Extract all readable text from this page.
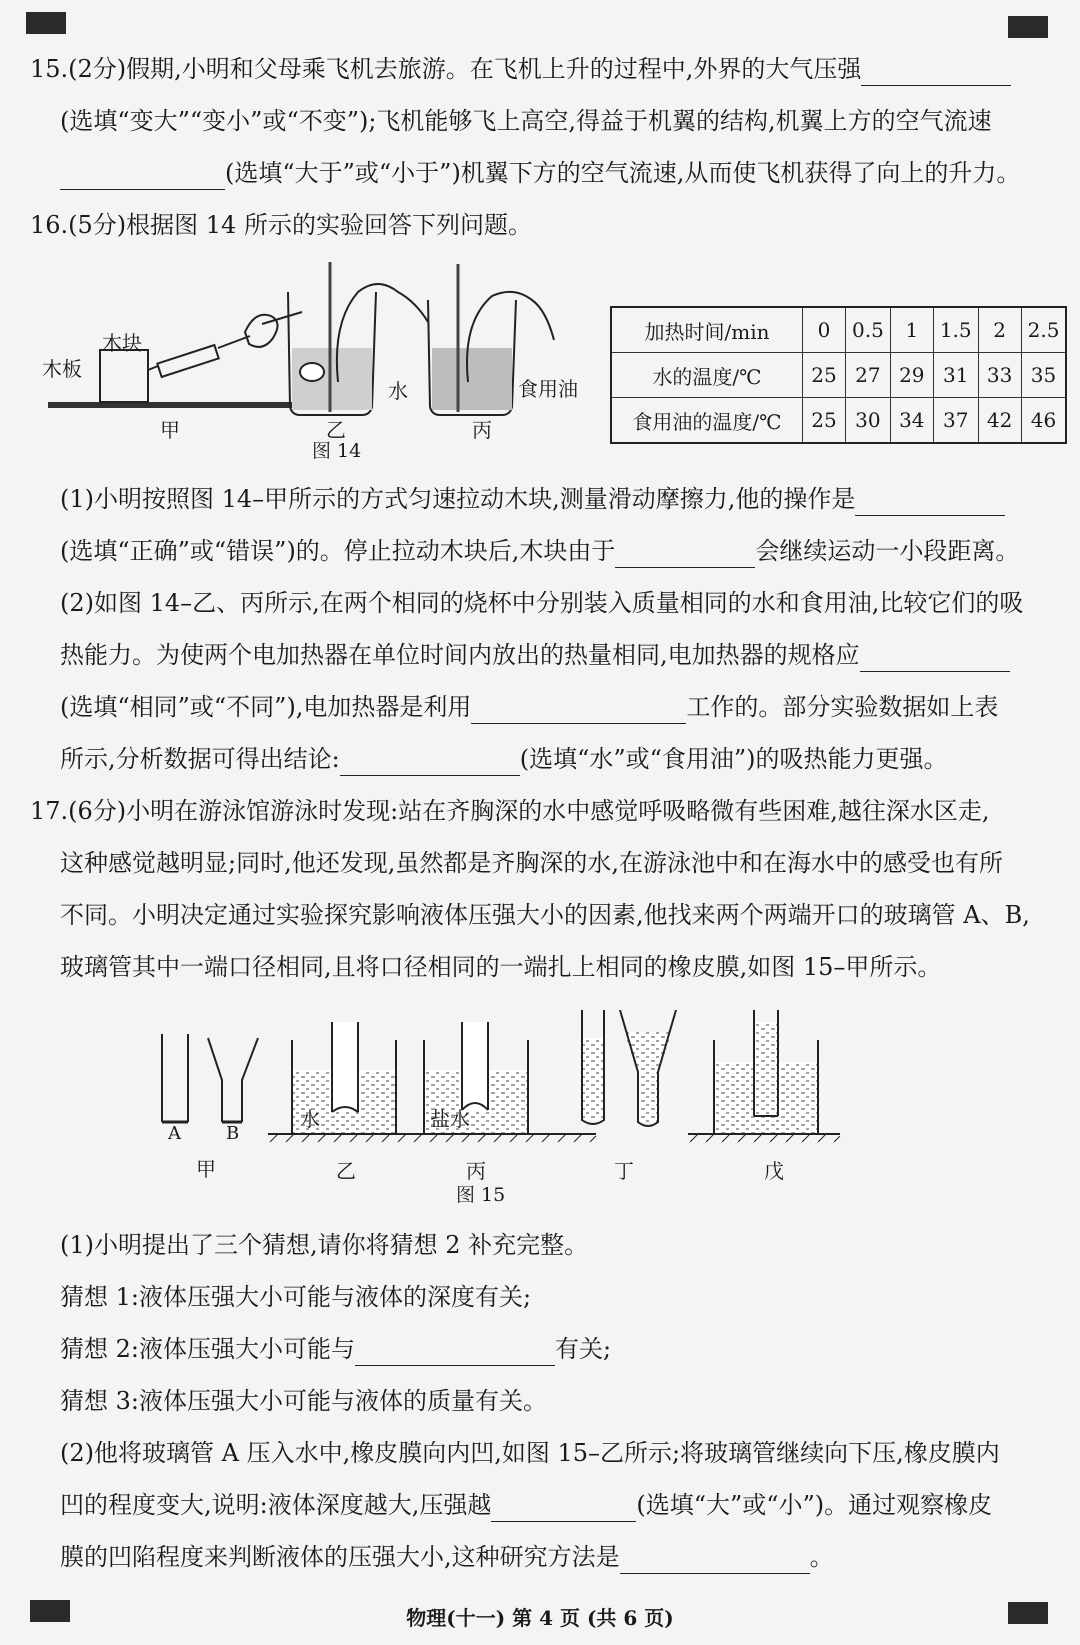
15.(2分)假期,小明和父母乘飞机去旅游。在飞机上升的过程中,外界的大气压强
(选填“变大”“变小”或“不变”);飞机能够飞上高空,得益于机翼的结构,机翼上方的空气流速
(选填“大于”或“小于”)机翼下方的空气流速,从而使飞机获得了向上的升力。
16.(5分)根据图 14 所示的实验回答下列问题。
木板
木块
甲	乙	丙
水	食用油
图 14
加热时间/min	0	0.5	1	1.5	2	2.5
水的温度/℃	25	27	29	31	33	35
食用油的温度/℃	25	30	34	37	42	46
(1)小明按照图 14–甲所示的方式匀速拉动木块,测量滑动摩擦力,他的操作是
(选填“正确”或“错误”)的。停止拉动木块后,木块由于	会继续运动一小段距离。
(2)如图 14–乙、丙所示,在两个相同的烧杯中分别装入质量相同的水和食用油,比较它们的吸
热能力。为使两个电加热器在单位时间内放出的热量相同,电加热器的规格应
(选填“相同”或“不同”),电加热器是利用	工作的。部分实验数据如上表
所示,分析数据可得出结论:	(选填“水”或“食用油”)的吸热能力更强。
17.(6分)小明在游泳馆游泳时发现:站在齐胸深的水中感觉呼吸略微有些困难,越往深水区走,
这种感觉越明显;同时,他还发现,虽然都是齐胸深的水,在游泳池中和在海水中的感受也有所
不同。小明决定通过实验探究影响液体压强大小的因素,他找来两个两端开口的玻璃管 A、B,
玻璃管其中一端口径相同,且将口径相同的一端扎上相同的橡皮膜,如图 15–甲所示。
A	B
甲	乙	丙	丁	戊
水	盐水
图 15
(1)小明提出了三个猜想,请你将猜想 2 补充完整。
猜想 1:液体压强大小可能与液体的深度有关;
猜想 2:液体压强大小可能与	有关;
猜想 3:液体压强大小可能与液体的质量有关。
(2)他将玻璃管 A 压入水中,橡皮膜向内凹,如图 15–乙所示;将玻璃管继续向下压,橡皮膜内
凹的程度变大,说明:液体深度越大,压强越	(选填“大”或“小”)。通过观察橡皮
膜的凹陷程度来判断液体的压强大小,这种研究方法是	。
物理(十一) 第 4 页 (共 6 页)
